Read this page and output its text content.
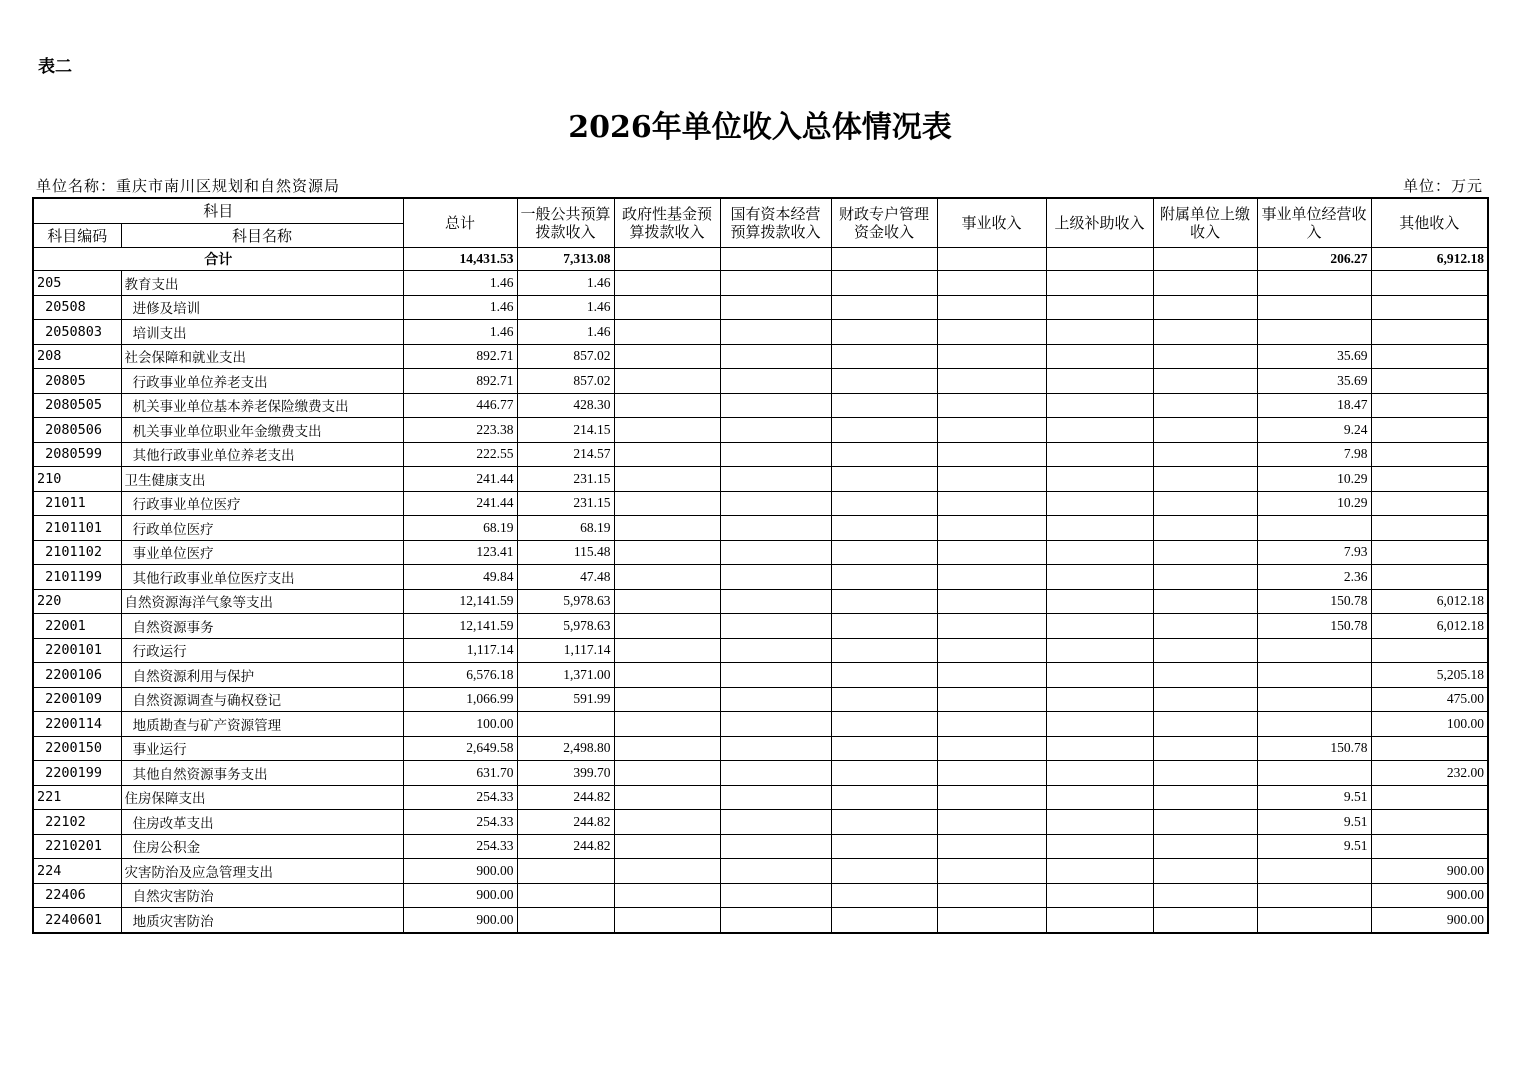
表二
2026年单位收入总体情况表
单位名称：重庆市南川区规划和自然资源局	单位：万元
科目		总计	一般公共预算拨款收入	政府性基金预算拨款收入	国有资本经营预算拨款收入	财政专户管理资金收入	事业收入	上级补助收入	附属单位上缴收入	事业单位经营收入	其他收入
科目编码	科目名称										
合计		14,431.53	7,313.08							206.27	6,912.18
205	教育支出	1.46	1.46								
20508	进修及培训	1.46	1.46								
2050803	培训支出	1.46	1.46								
208	社会保障和就业支出	892.71	857.02							35.69	
20805	行政事业单位养老支出	892.71	857.02							35.69	
2080505	机关事业单位基本养老保险缴费支出	446.77	428.30							18.47	
2080506	机关事业单位职业年金缴费支出	223.38	214.15							9.24	
2080599	其他行政事业单位养老支出	222.55	214.57							7.98	
210	卫生健康支出	241.44	231.15							10.29	
21011	行政事业单位医疗	241.44	231.15							10.29	
2101101	行政单位医疗	68.19	68.19								
2101102	事业单位医疗	123.41	115.48							7.93	
2101199	其他行政事业单位医疗支出	49.84	47.48							2.36	
220	自然资源海洋气象等支出	12,141.59	5,978.63							150.78	6,012.18
22001	自然资源事务	12,141.59	5,978.63							150.78	6,012.18
2200101	行政运行	1,117.14	1,117.14								
2200106	自然资源利用与保护	6,576.18	1,371.00								5,205.18
2200109	自然资源调查与确权登记	1,066.99	591.99								475.00
2200114	地质勘查与矿产资源管理	100.00									100.00
2200150	事业运行	2,649.58	2,498.80							150.78	
2200199	其他自然资源事务支出	631.70	399.70								232.00
221	住房保障支出	254.33	244.82							9.51	
22102	住房改革支出	254.33	244.82							9.51	
2210201	住房公积金	254.33	244.82							9.51	
224	灾害防治及应急管理支出	900.00									900.00
22406	自然灾害防治	900.00									900.00
2240601	地质灾害防治	900.00									900.00
